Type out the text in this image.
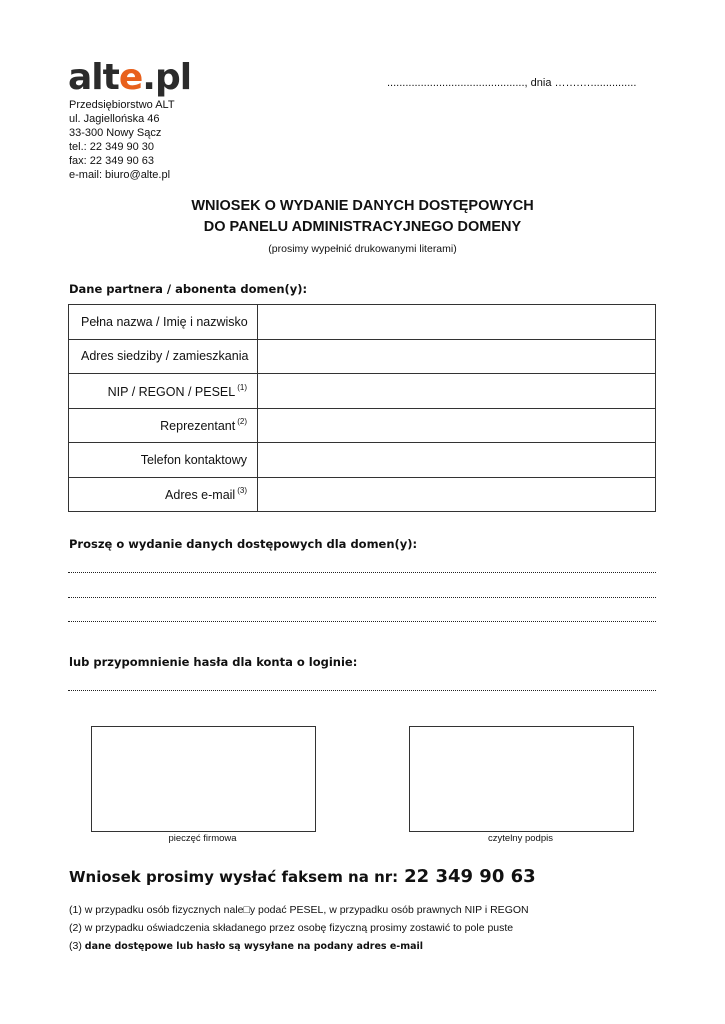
alte.pl
Przedsiębiorstwo ALT
ul. Jagiellońska 46
33-300 Nowy Sącz
tel.: 22 349 90 30
fax: 22 349 90 63
e-mail: biuro@alte.pl
............................................., dnia …….…...............
WNIOSEK O WYDANIE DANYCH DOSTĘPOWYCH
DO PANELU ADMINISTRACYJNEGO DOMENY
(prosimy wypełnić drukowanymi literami)
Dane partnera / abonenta domen(y):
Pełna nazwa / Imię i nazwisko	
Adres siedziby / zamieszkania	
NIP / REGON / PESEL $^{(1)}$	
Reprezentant $^{(2)}$	
Telefon kontaktowy	
Adres e-mail $^{(3)}$	
Proszę o wydanie danych dostępowych dla domen(y):
lub przypomnienie hasła dla konta o loginie:
pieczęć firmowa	czytelny podpis
Wniosek prosimy wysłać faksem na nr: 22 349 90 63
(1) w przypadku osób fizycznych nale□y podać PESEL, w przypadku osób prawnych NIP i REGON
(2) w przypadku oświadczenia składanego przez osobę fizyczną prosimy zostawić to pole puste
(3) dane dostępowe lub hasło są wysyłane na podany adres e-mail
